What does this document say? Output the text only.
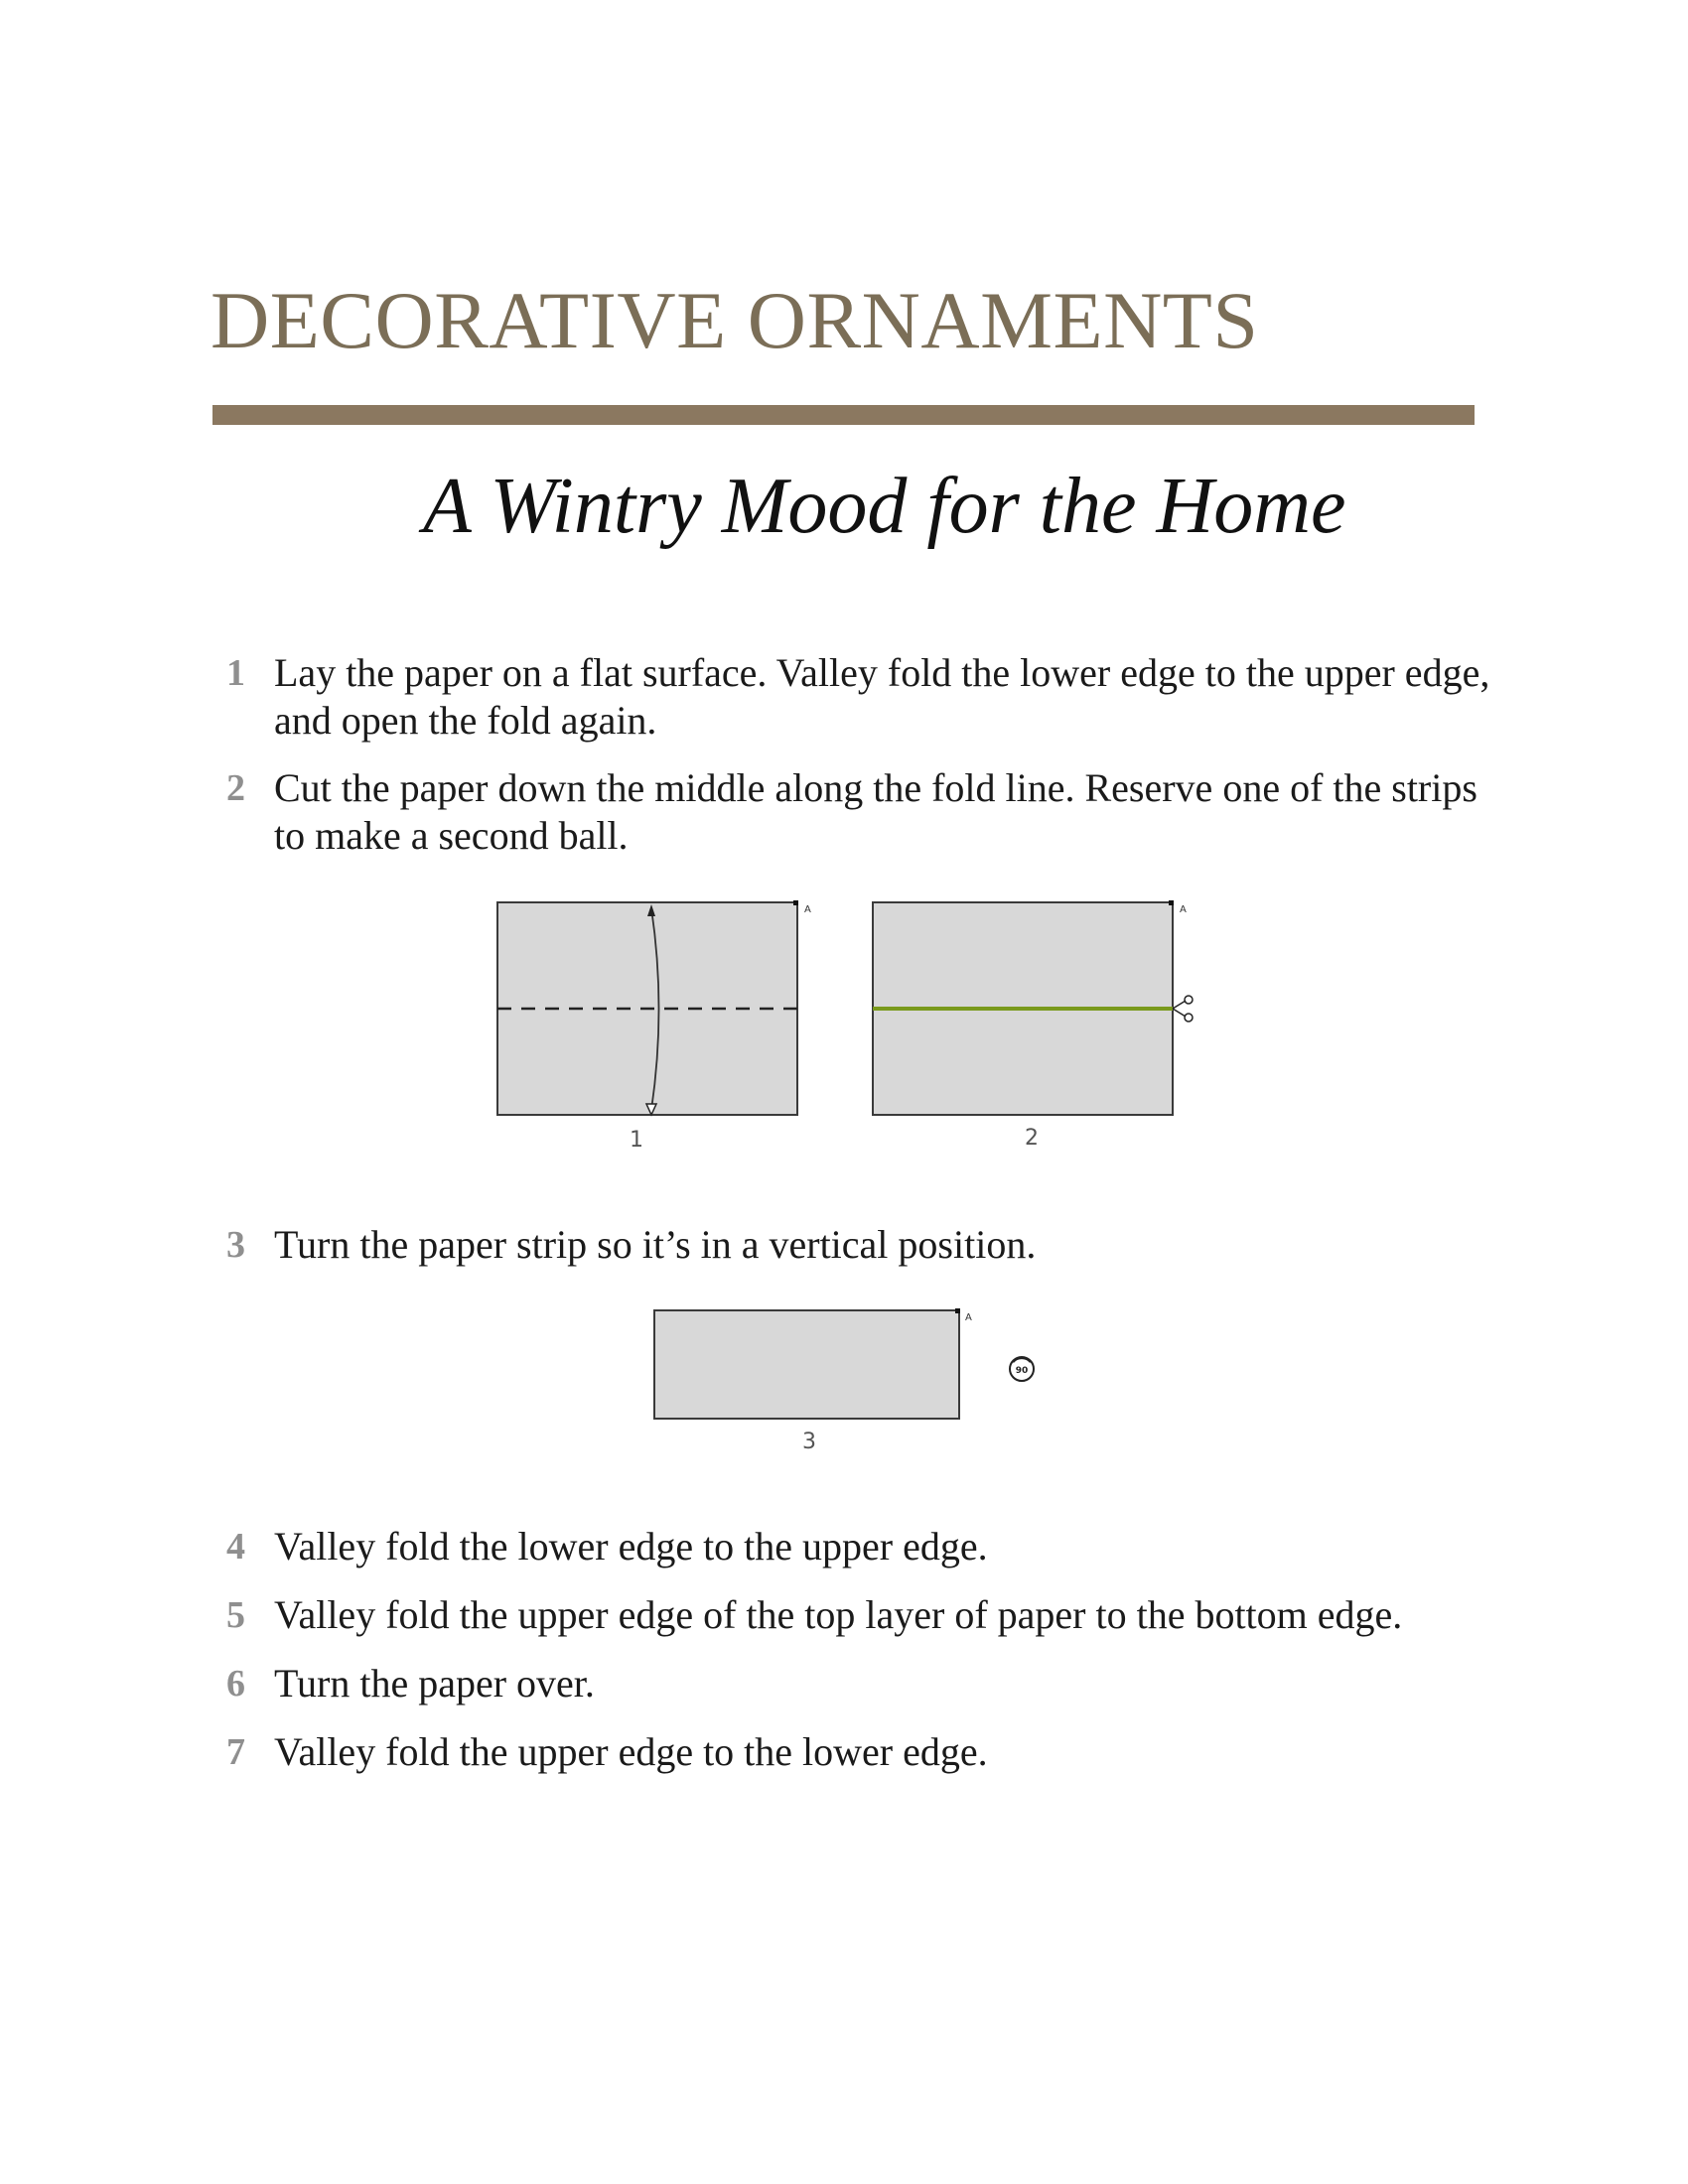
DECORATIVE ORNAMENTS
A Wintry Mood for the Home
1 Lay the paper on a flat surface. Valley fold the lower edge to the upper edge, and open the fold again.
2 Cut the paper down the middle along the fold line. Reserve one of the strips to make a second ball.
A
1
A
2
3 Turn the paper strip so it’s in a vertical position.
A
90
3
4 Valley fold the lower edge to the upper edge.
5 Valley fold the upper edge of the top layer of paper to the bottom edge.
6 Turn the paper over.
7 Valley fold the upper edge to the lower edge.
